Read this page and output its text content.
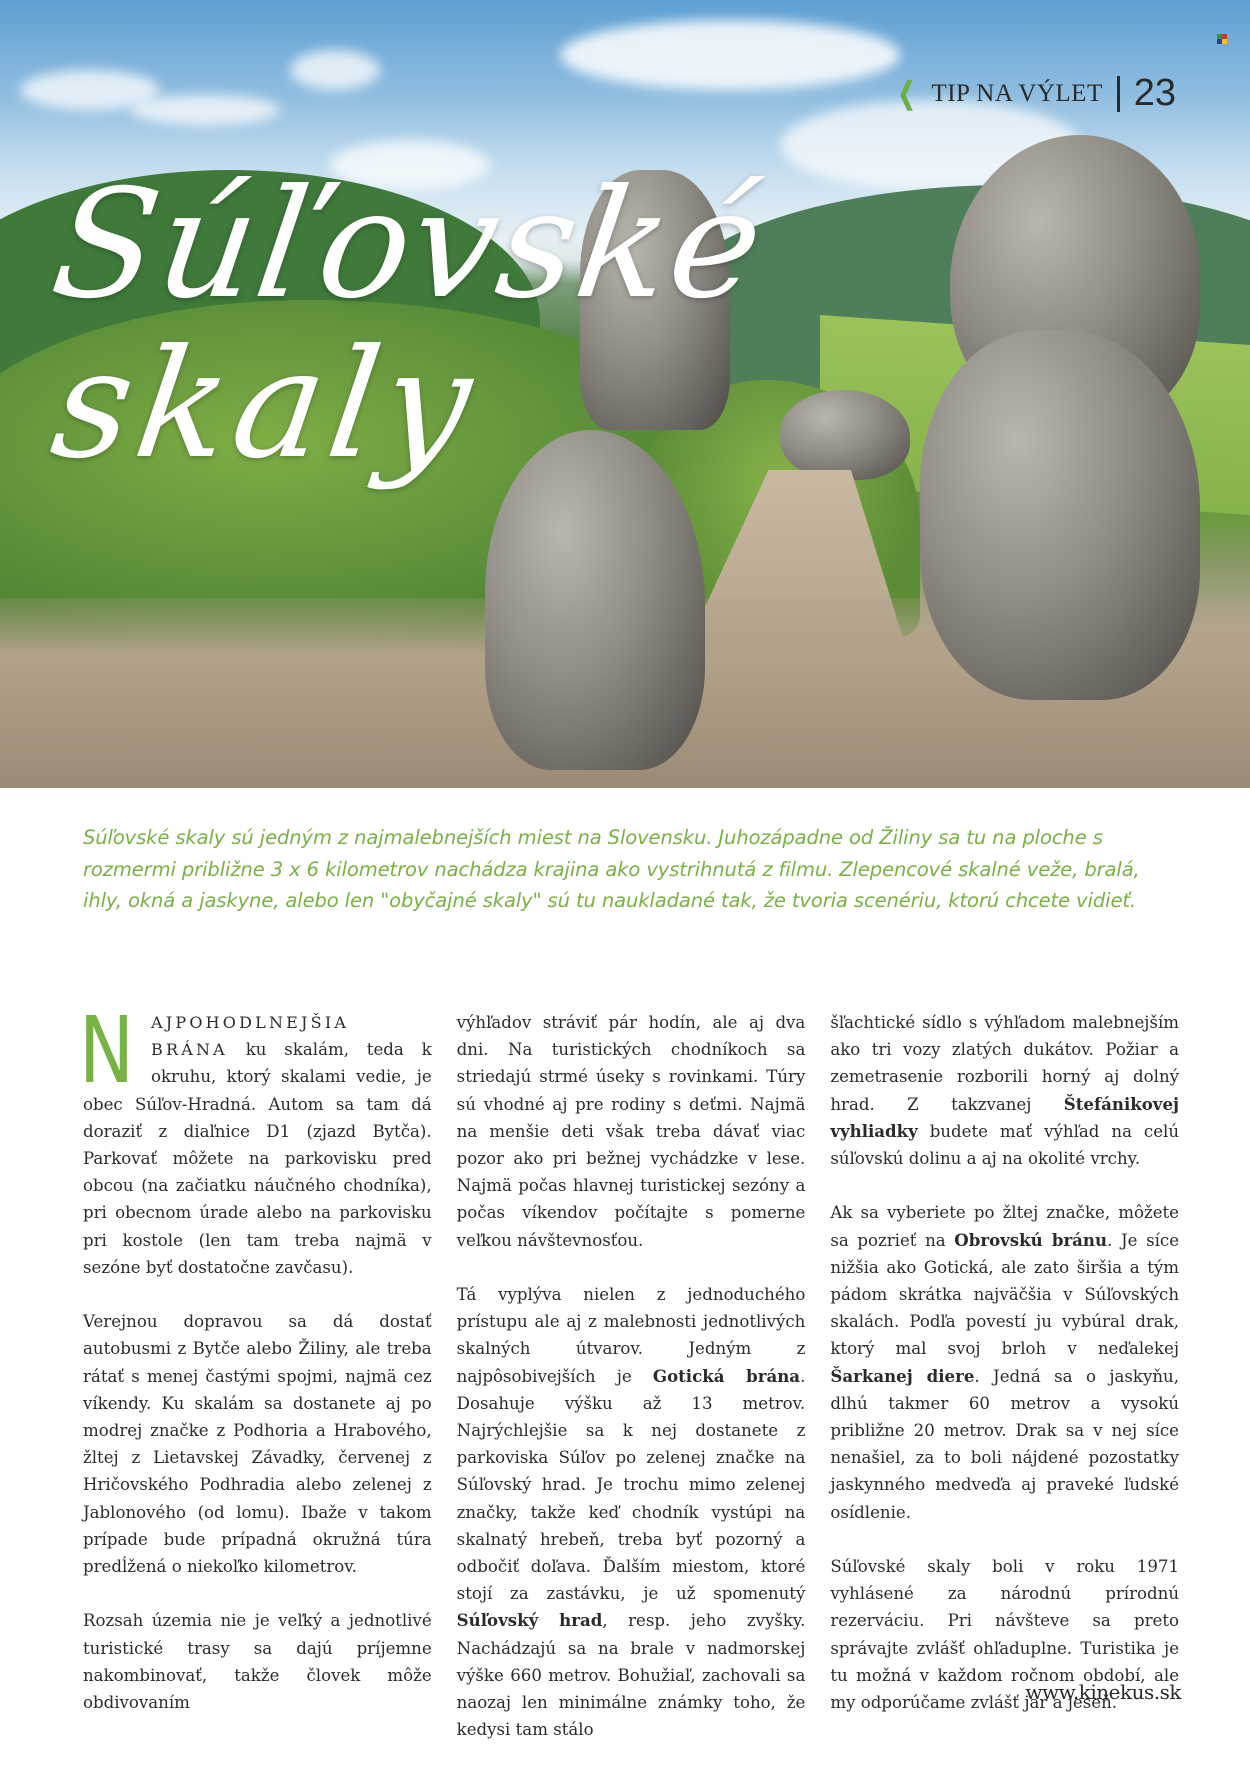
❮ TIP NA VÝLET 23
Súľovské
skaly

Súľovské skaly sú jedným z najmalebnejších miest na Slovensku. Juhozápadne od Žiliny sa tu na ploche s rozmermi približne 3 x 6 kilometrov nachádza krajina ako vystrihnutá z filmu. Zlepencové skalné veže, bralá, ihly, okná a jaskyne, alebo len "obyčajné skaly" sú tu naukladané tak, že tvoria scenériu, ktorú chcete vidieť.

N AJPOHODLNEJŠIA BRÁNA ku skalám, teda k okruhu, ktorý skalami vedie, je obec Súľov-Hradná. Autom sa tam dá doraziť z diaľnice D1 (zjazd Bytča). Parkovať môžete na parkovisku pred obcou (na začiatku náučného chodníka), pri obecnom úrade alebo na parkovisku pri kostole (len tam treba najmä v sezóne byť dostatočne zavčasu).

Verejnou dopravou sa dá dostať autobusmi z Bytče alebo Žiliny, ale treba rátať s menej častými spojmi, najmä cez víkendy. Ku skalám sa dostanete aj po modrej značke z Podhoria a Hrabového, žltej z Lietavskej Závadky, červenej z Hričovského Podhradia alebo zelenej z Jablonového (od lomu). Ibaže v takom prípade bude prípadná okružná túra predĺžená o niekoľko kilometrov.

Rozsah územia nie je veľký a jednotlivé turistické trasy sa dajú príjemne nakombinovať, takže človek môže obdivovaním

výhľadov stráviť pár hodín, ale aj dva dni. Na turistických chodníkoch sa striedajú strmé úseky s rovinkami. Túry sú vhodné aj pre rodiny s deťmi. Najmä na menšie deti však treba dávať viac pozor ako pri bežnej vychádzke v lese. Najmä počas hlavnej turistickej sezóny a počas víkendov počítajte s pomerne veľkou návštevnosťou.

Tá vyplýva nielen z jednoduchého prístupu ale aj z malebnosti jednotlivých skalných útvarov. Jedným z najpôsobivejších je Gotická brána. Dosahuje výšku až 13 metrov. Najrýchlejšie sa k nej dostanete z parkoviska Súľov po zelenej značke na Súľovský hrad. Je trochu mimo zelenej značky, takže keď chodník vystúpi na skalnatý hrebeň, treba byť pozorný a odbočiť doľava. Ďalším miestom, ktoré stojí za zastávku, je už spomenutý Súľovský hrad, resp. jeho zvyšky. Nachádzajú sa na brale v nadmorskej výške 660 metrov. Bohužiaľ, zachovali sa naozaj len minimálne známky toho, že kedysi tam stálo

šľachtické sídlo s výhľadom malebnejším ako tri vozy zlatých dukátov. Požiar a zemetrasenie rozborili horný aj dolný hrad. Z takzvanej Štefánikovej vyhliadky budete mať výhľad na celú súľovskú dolinu a aj na okolité vrchy.

Ak sa vyberiete po žltej značke, môžete sa pozrieť na Obrovskú bránu. Je síce nižšia ako Gotická, ale zato širšia a tým pádom skrátka najväčšia v Súľovských skalách. Podľa povestí ju vybúral drak, ktorý mal svoj brloh v neďalekej Šarkanej diere. Jedná sa o jaskyňu, dlhú takmer 60 metrov a vysokú približne 20 metrov. Drak sa v nej síce nenašiel, za to boli nájdené pozostatky jaskynného medveďa aj praveké ľudské osídlenie.

Súľovské skaly boli v roku 1971 vyhlásené za národnú prírodnú rezerváciu. Pri návšteve sa preto správajte zvlášť ohľaduplne. Turistika je tu možná v každom ročnom období, ale my odporúčame zvlášť jar a jeseň.

www.kinekus.sk
